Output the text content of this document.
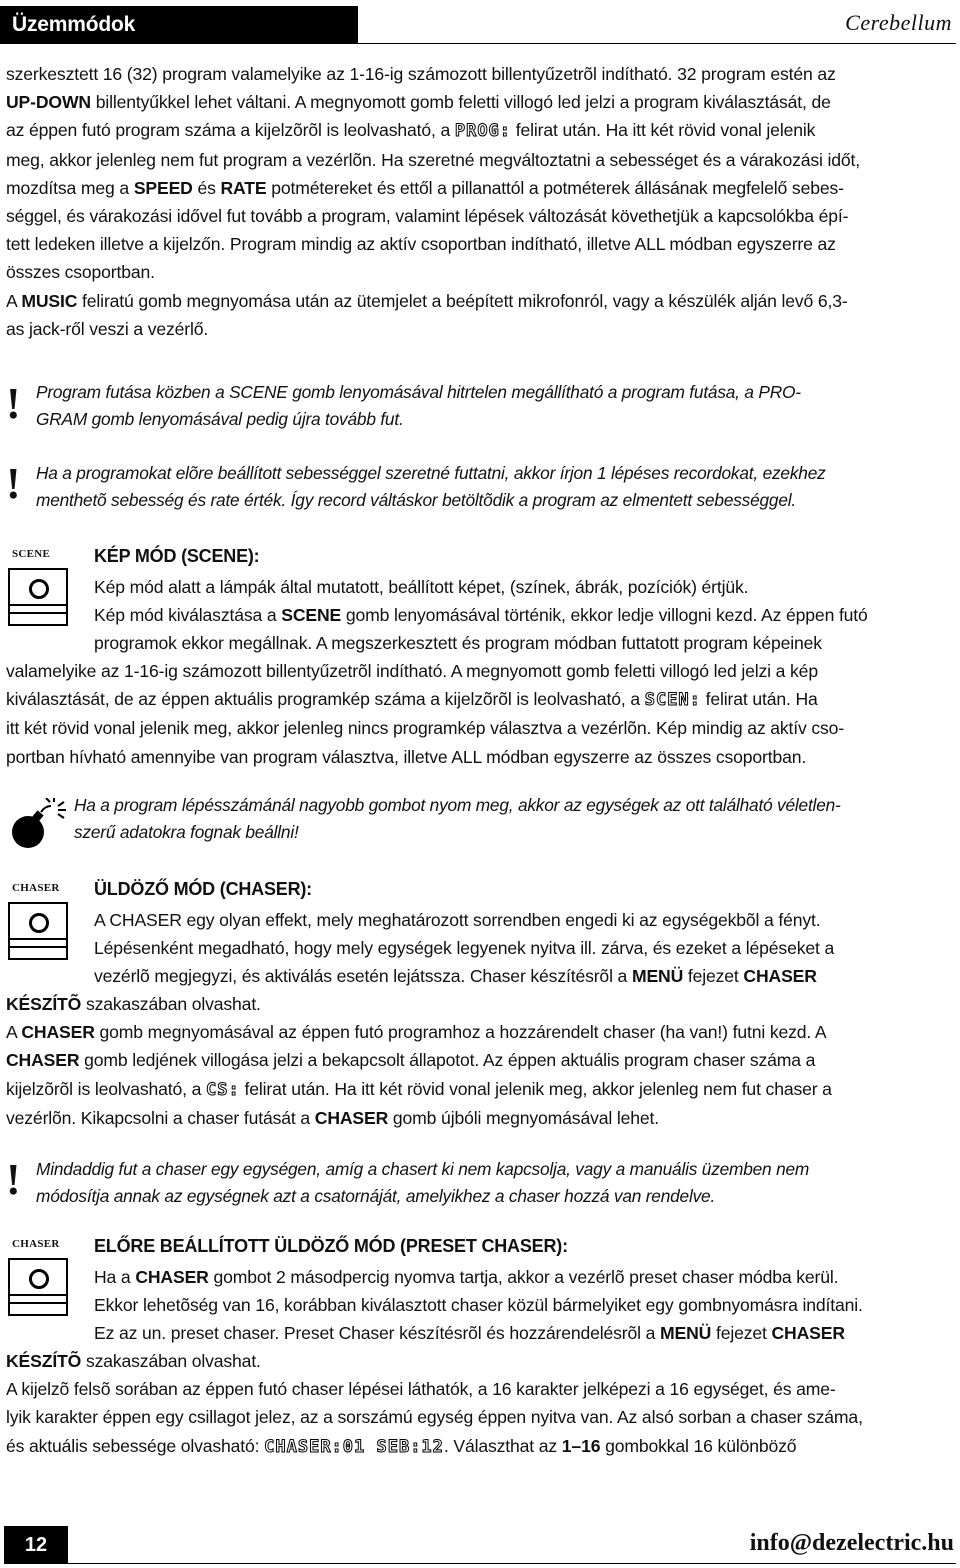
Üzemmódok	Cerebellum
szerkesztett 16 (32) program valamelyike az 1-16-ig számozott billentyűzetrõl indítható. 32 program estén az
UP-DOWN billentyűkkel lehet váltani. A megnyomott gomb feletti villogó led jelzi a program kiválasztását, de
az éppen futó program száma a kijelzõrõl is leolvasható, a PROG: felirat után. Ha itt két rövid vonal jelenik
meg, akkor jelenleg nem fut program a vezérlõn. Ha szeretné megváltoztatni a sebességet és a várakozási időt,
mozdítsa meg a SPEED és RATE potmétereket és ettől a pillanattól a potméterek állásának megfelelő sebes-
séggel, és várakozási idővel fut tovább a program, valamint lépések változását követhetjük a kapcsolókba épí-
tett ledeken illetve a kijelzőn. Program mindig az aktív csoportban indítható, illetve ALL módban egyszerre az
összes csoportban.
A MUSIC feliratú gomb megnyomása után az ütemjelet a beépített mikrofonról, vagy a készülék alján levő 6,3-
as jack-ről veszi a vezérlő.
! Program futása közben a SCENE gomb lenyomásával hitrtelen megállítható a program futása, a PRO-
GRAM gomb lenyomásával pedig újra tovább fut.
! Ha a programokat elõre beállított sebességgel szeretné futtatni, akkor írjon 1 lépéses recordokat, ezekhez
menthetõ sebesség és rate érték. Így record váltáskor betöltõdik a program az elmentett sebességgel.
SCENE KÉP MÓD (SCENE):
Kép mód alatt a lámpák által mutatott, beállított képet, (színek, ábrák, pozíciók) értjük.
Kép mód kiválasztása a SCENE gomb lenyomásával történik, ekkor ledje villogni kezd. Az éppen futó
programok ekkor megállnak. A megszerkesztett és program módban futtatott program képeinek
valamelyike az 1-16-ig számozott billentyűzetrõl indítható. A megnyomott gomb feletti villogó led jelzi a kép
kiválasztását, de az éppen aktuális programkép száma a kijelzõrõl is leolvasható, a SCEN: felirat után. Ha
itt két rövid vonal jelenik meg, akkor jelenleg nincs programkép választva a vezérlõn. Kép mindig az aktív cso-
portban hívható amennyibe van program választva, illetve ALL módban egyszerre az összes csoportban.
Ha a program lépésszámánál nagyobb gombot nyom meg, akkor az egységek az ott található véletlen-
szerű adatokra fognak beállni!
CHASER ÜLDÖZŐ MÓD (CHASER):
A CHASER egy olyan effekt, mely meghatározott sorrendben engedi ki az egységekbõl a fényt.
Lépésenként megadható, hogy mely egységek legyenek nyitva ill. zárva, és ezeket a lépéseket a
vezérlõ megjegyzi, és aktiválás esetén lejátssza. Chaser készítésrõl a MENÜ fejezet CHASER
KÉSZÍTÕ szakaszában olvashat.
A CHASER gomb megnyomásával az éppen futó programhoz a hozzárendelt chaser (ha van!) futni kezd. A
CHASER gomb ledjének villogása jelzi a bekapcsolt állapotot. Az éppen aktuális program chaser száma a
kijelzõrõl is leolvasható, a CS: felirat után. Ha itt két rövid vonal jelenik meg, akkor jelenleg nem fut chaser a
vezérlõn. Kikapcsolni a chaser futását a CHASER gomb újbóli megnyomásával lehet.
! Mindaddig fut a chaser egy egységen, amíg a chasert ki nem kapcsolja, vagy a manuális üzemben nem
módosítja annak az egységnek azt a csatornáját, amelyikhez a chaser hozzá van rendelve.
CHASER ELŐRE BEÁLLÍTOTT ÜLDÖZŐ MÓD (PRESET CHASER):
Ha a CHASER gombot 2 másodpercig nyomva tartja, akkor a vezérlõ preset chaser módba kerül.
Ekkor lehetõség van 16, korábban kiválasztott chaser közül bármelyiket egy gombnyomásra indítani.
Ez az un. preset chaser. Preset Chaser készítésrõl és hozzárendelésrõl a MENÜ fejezet CHASER
KÉSZÍTÕ szakaszában olvashat.
A kijelzõ felsõ sorában az éppen futó chaser lépései láthatók, a 16 karakter jelképezi a 16 egységet, és ame-
lyik karakter éppen egy csillagot jelez, az a sorszámú egység éppen nyitva van. Az alsó sorban a chaser száma,
és aktuális sebessége olvasható: CHASER:01 SEB:12. Választhat az 1–16 gombokkal 16 különböző
12	info@dezelectric.hu
